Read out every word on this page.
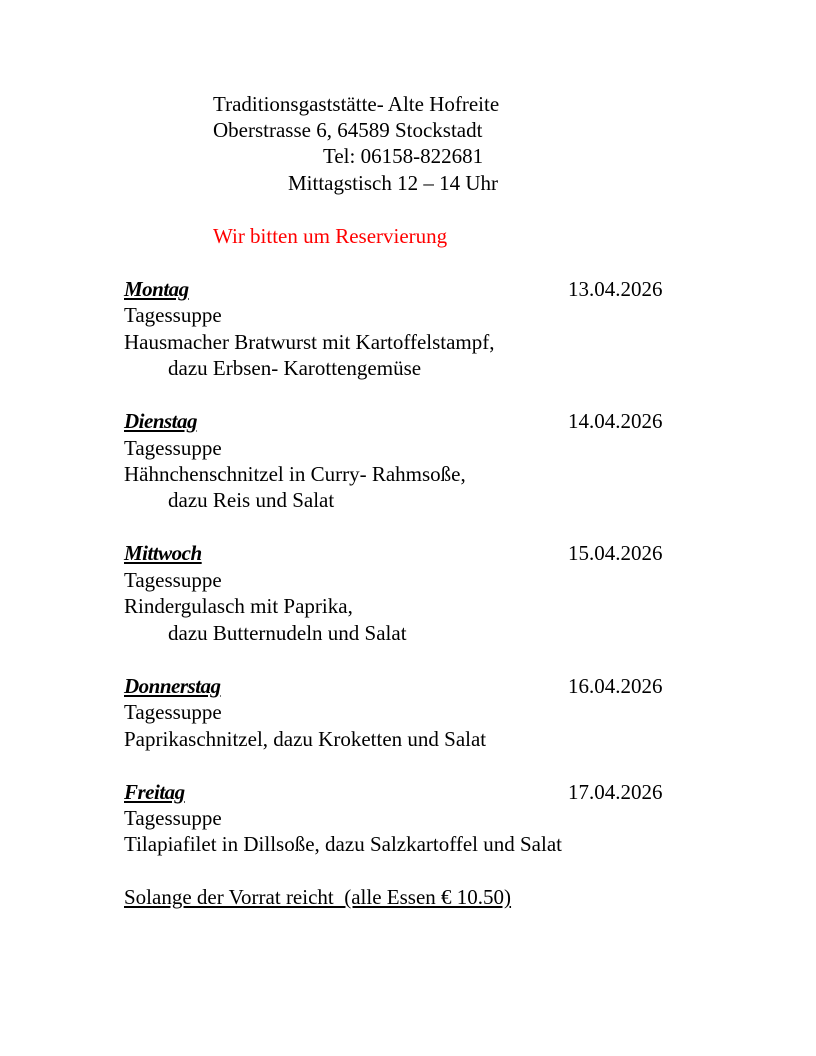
Traditionsgaststätte- Alte Hofreite
Oberstrasse 6, 64589 Stockstadt
Tel: 06158-822681
Mittagstisch 12 – 14 Uhr
Wir bitten um Reservierung
Montag	13.04.2026
Tagessuppe
Hausmacher Bratwurst mit Kartoffelstampf,
dazu Erbsen- Karottengemüse
Dienstag	14.04.2026
Tagessuppe
Hähnchenschnitzel in Curry- Rahmsoße,
dazu Reis und Salat
Mittwoch	15.04.2026
Tagessuppe
Rindergulasch mit Paprika,
dazu Butternudeln und Salat
Donnerstag	16.04.2026
Tagessuppe
Paprikaschnitzel, dazu Kroketten und Salat
Freitag	17.04.2026
Tagessuppe
Tilapiafilet in Dillsoße, dazu Salzkartoffel und Salat
Solange der Vorrat reicht  (alle Essen € 10.50)
